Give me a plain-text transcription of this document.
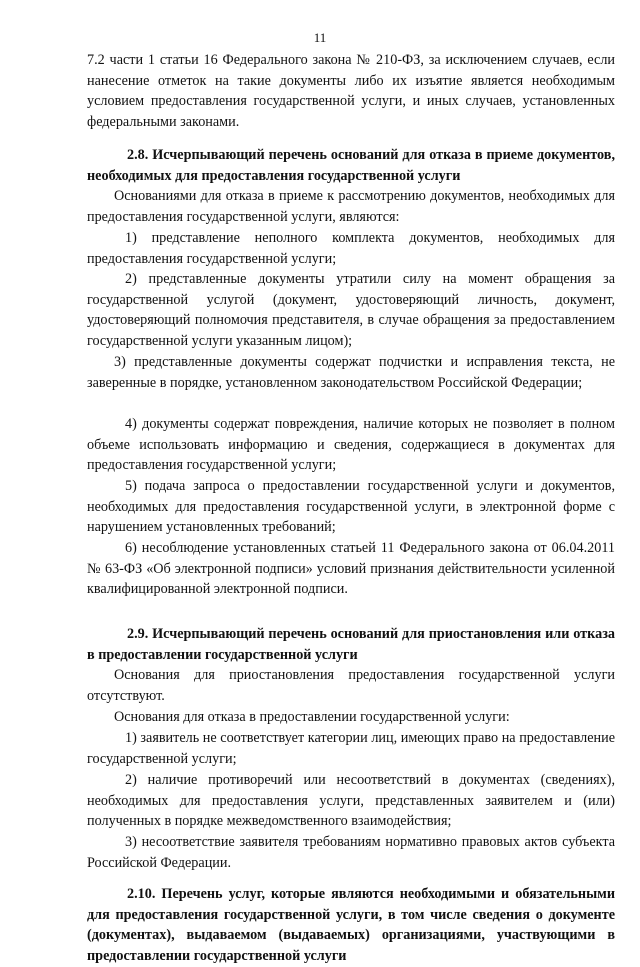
11
7.2 части 1 статьи 16 Федерального закона № 210-ФЗ, за исключением случаев, если нанесение отметок на такие документы либо их изъятие является необходимым условием предоставления государственной услуги, и иных случаев, установленных федеральными законами.
2.8. Исчерпывающий перечень оснований для отказа в приеме документов, необходимых для предоставления государственной услуги
Основаниями для отказа в приеме к рассмотрению документов, необходимых для предоставления государственной услуги, являются:
1) представление неполного комплекта документов, необходимых для предоставления государственной услуги;
2) представленные документы утратили силу на момент обращения за государственной услугой (документ, удостоверяющий личность, документ, удостоверяющий полномочия представителя, в случае обращения за предоставлением государственной услуги указанным лицом);
3) представленные документы содержат подчистки и исправления текста, не заверенные в порядке, установленном законодательством Российской Федерации;
4) документы содержат повреждения, наличие которых не позволяет в полном объеме использовать информацию и сведения, содержащиеся в документах для предоставления государственной услуги;
5) подача запроса о предоставлении государственной услуги и документов, необходимых для предоставления государственной услуги, в электронной форме с нарушением установленных требований;
6) несоблюдение установленных статьей 11 Федерального закона от 06.04.2011 № 63-ФЗ «Об электронной подписи» условий признания действительности усиленной квалифицированной электронной подписи.
2.9. Исчерпывающий перечень оснований для приостановления или отказа в предоставлении государственной услуги
Основания для приостановления предоставления государственной услуги отсутствуют.
Основания для отказа в предоставлении государственной услуги:
1) заявитель не соответствует категории лиц, имеющих право на предоставление государственной услуги;
2) наличие противоречий или несоответствий в документах (сведениях), необходимых для предоставления услуги, представленных заявителем и (или) полученных в порядке межведомственного взаимодействия;
3) несоответствие заявителя требованиям нормативно правовых актов субъекта Российской Федерации.
2.10. Перечень услуг, которые являются необходимыми и обязательными для предоставления государственной услуги, в том числе сведения о документе (документах), выдаваемом (выдаваемых) организациями, участвующими в предоставлении государственной услуги
